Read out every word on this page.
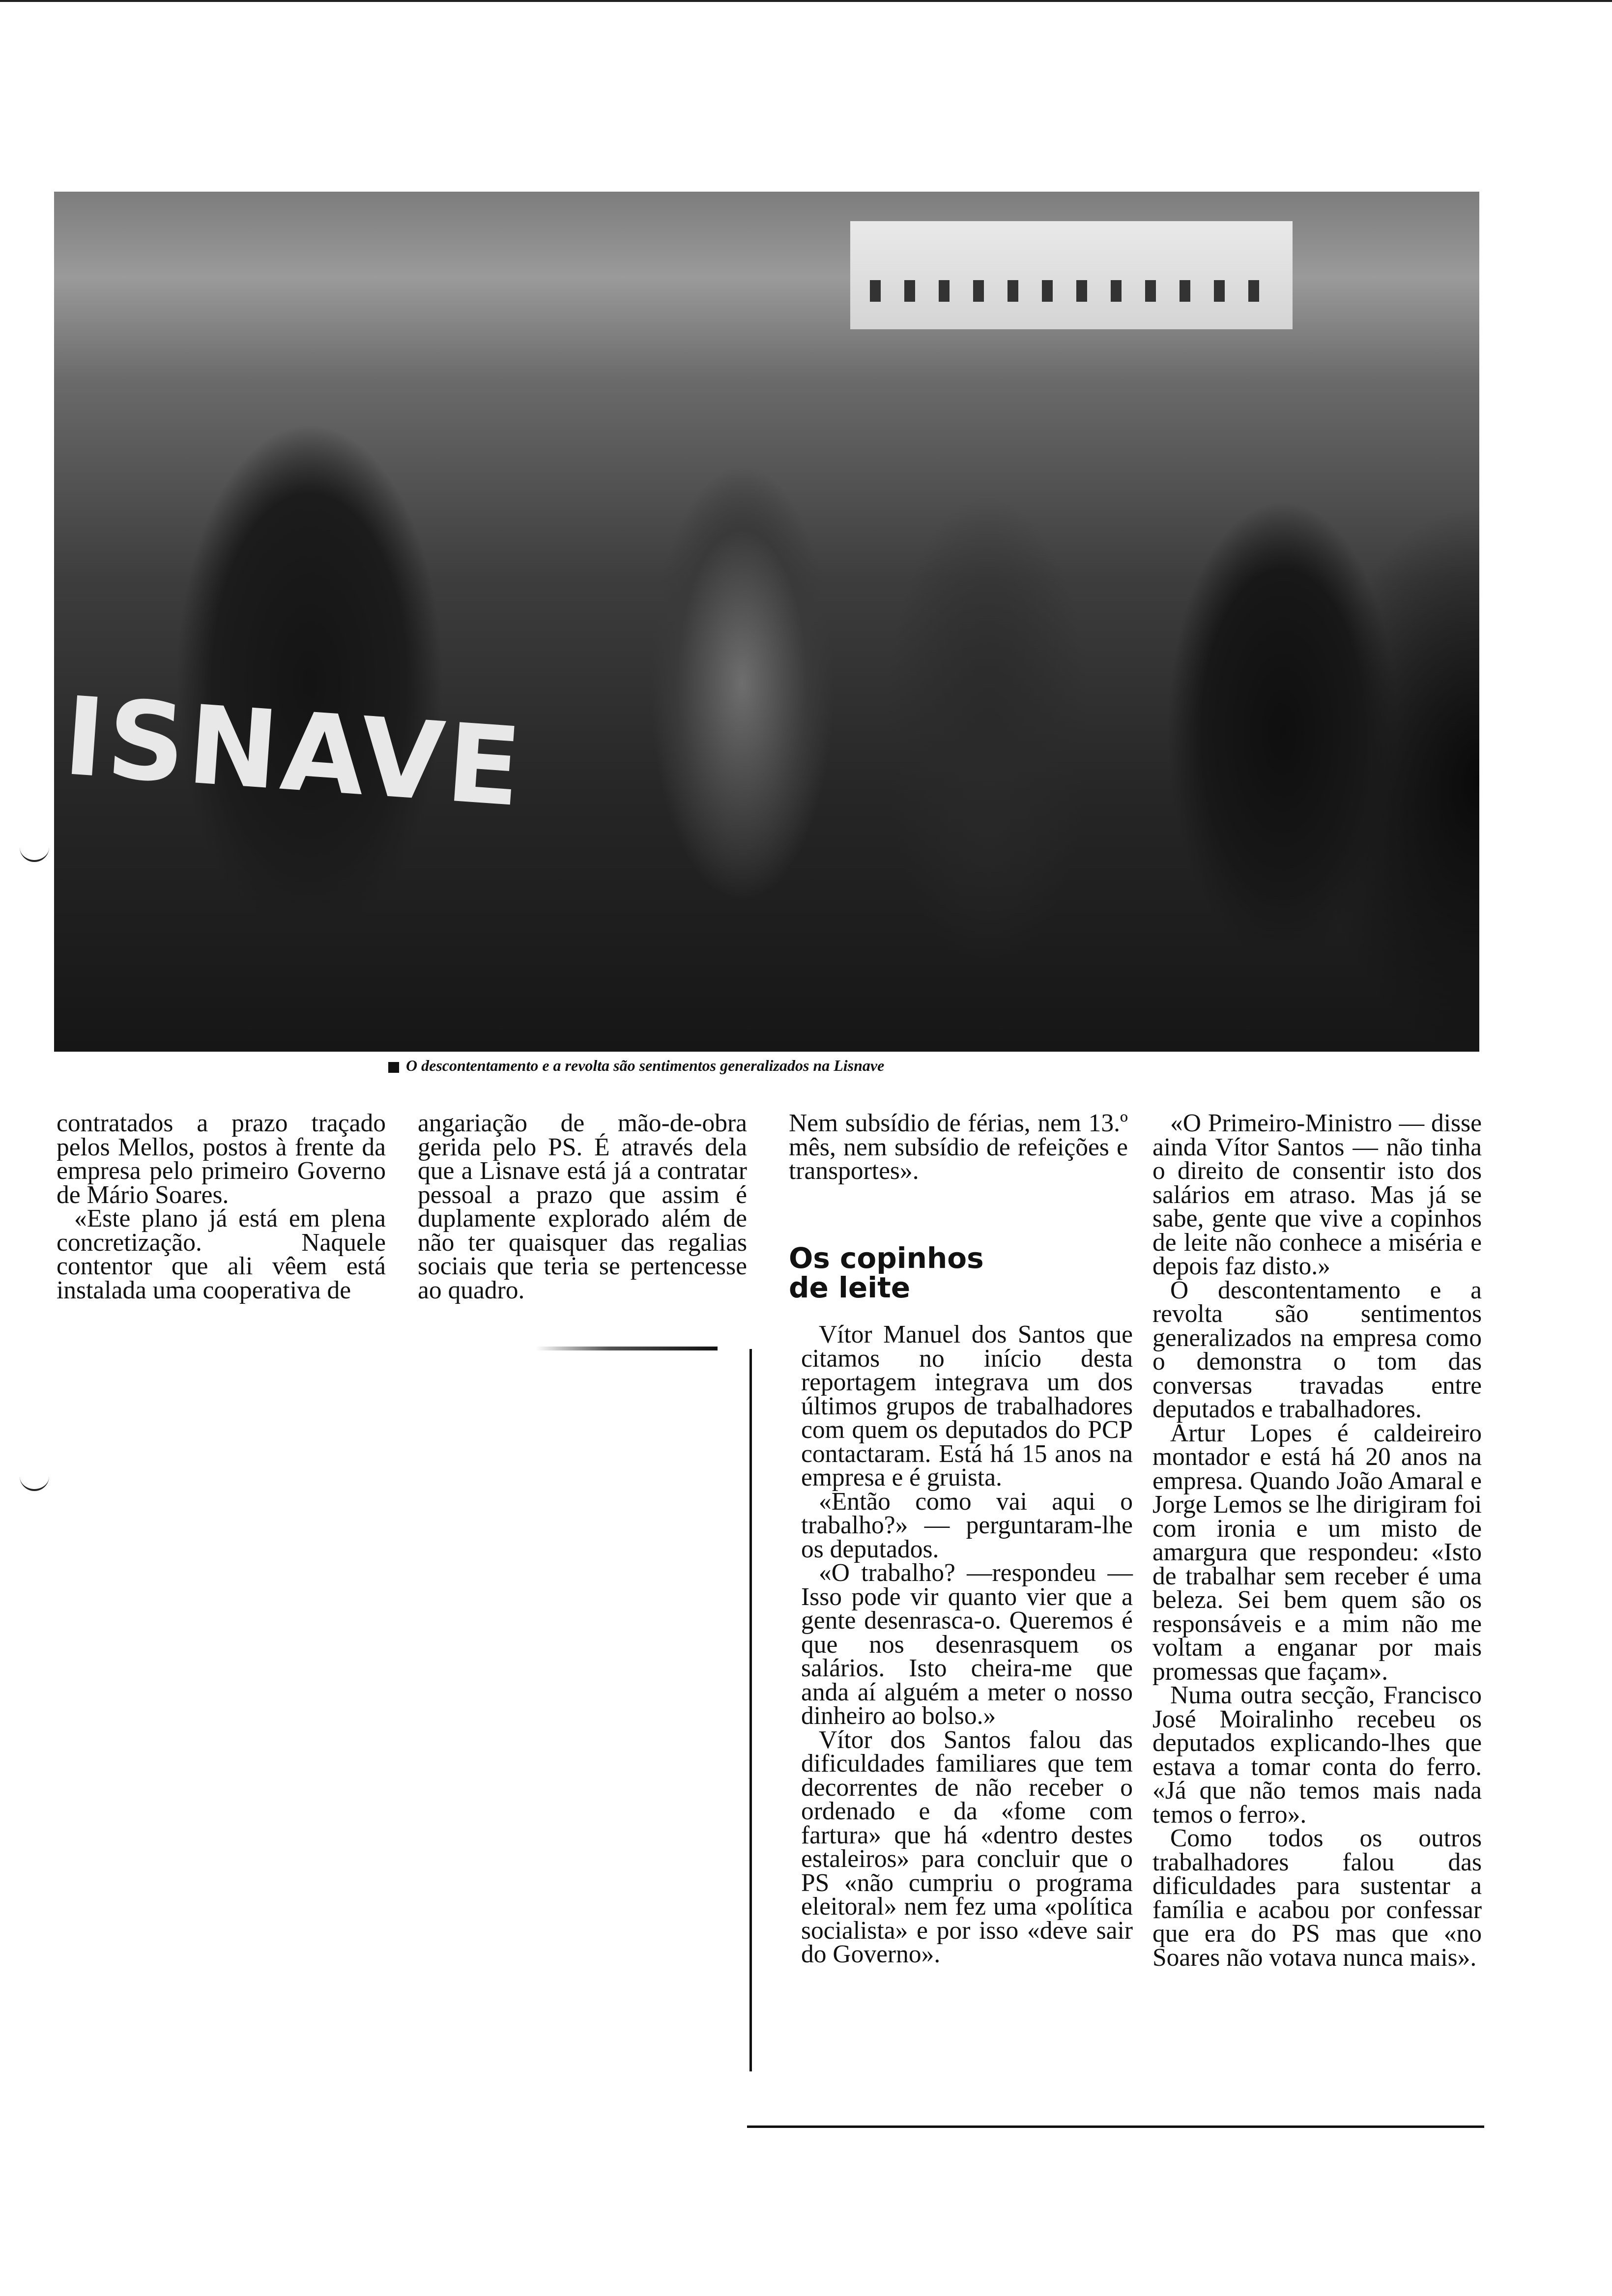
ISNAVE
O descontentamento e a revolta são sentimentos generalizados na Lisnave

contratados a prazo traçado pelos Mellos, postos à frente da empresa pelo primeiro Governo de Mário Soares.

«Este plano já está em plena concretização. Naquele contentor que ali vêem está instalada uma cooperativa de

angariação de mão-de-obra gerida pelo PS. É através dela que a Lisnave está já a contratar pessoal a prazo que assim é duplamente explorado além de não ter quaisquer das regalias sociais que teria se pertencesse ao quadro.

Nem subsídio de férias, nem 13.º mês, nem subsídio de refeições e transportes».

Os copinhos de leite

Vítor Manuel dos Santos que citamos no início desta reportagem integrava um dos últimos grupos de trabalhadores com quem os deputados do PCP contactaram. Está há 15 anos na empresa e é gruista.

«Então como vai aqui o trabalho?» — perguntaram-lhe os deputados.

«O trabalho? —respondeu — Isso pode vir quanto vier que a gente desenrasca-o. Queremos é que nos desenrasquem os salários. Isto cheira-me que anda aí alguém a meter o nosso dinheiro ao bolso.»

Vítor dos Santos falou das dificuldades familiares que tem decorrentes de não receber o ordenado e da «fome com fartura» que há «dentro destes estaleiros» para concluir que o PS «não cumpriu o programa eleitoral» nem fez uma «política socialista» e por isso «deve sair do Governo».

«O Primeiro-Ministro — disse ainda Vítor Santos — não tinha o direito de consentir isto dos salários em atraso. Mas já se sabe, gente que vive a copinhos de leite não conhece a miséria e depois faz disto.»

O descontentamento e a revolta são sentimentos generalizados na empresa como o demonstra o tom das conversas travadas entre deputados e trabalhadores.

Artur Lopes é caldeireiro montador e está há 20 anos na empresa. Quando João Amaral e Jorge Lemos se lhe dirigiram foi com ironia e um misto de amargura que respondeu: «Isto de trabalhar sem receber é uma beleza. Sei bem quem são os responsáveis e a mim não me voltam a enganar por mais promessas que façam».

Numa outra secção, Francisco José Moiralinho recebeu os deputados explicando-lhes que estava a tomar conta do ferro. «Já que não temos mais nada temos o ferro».

Como todos os outros trabalhadores falou das dificuldades para sustentar a família e acabou por confessar que era do PS mas que «no Soares não votava nunca mais».
